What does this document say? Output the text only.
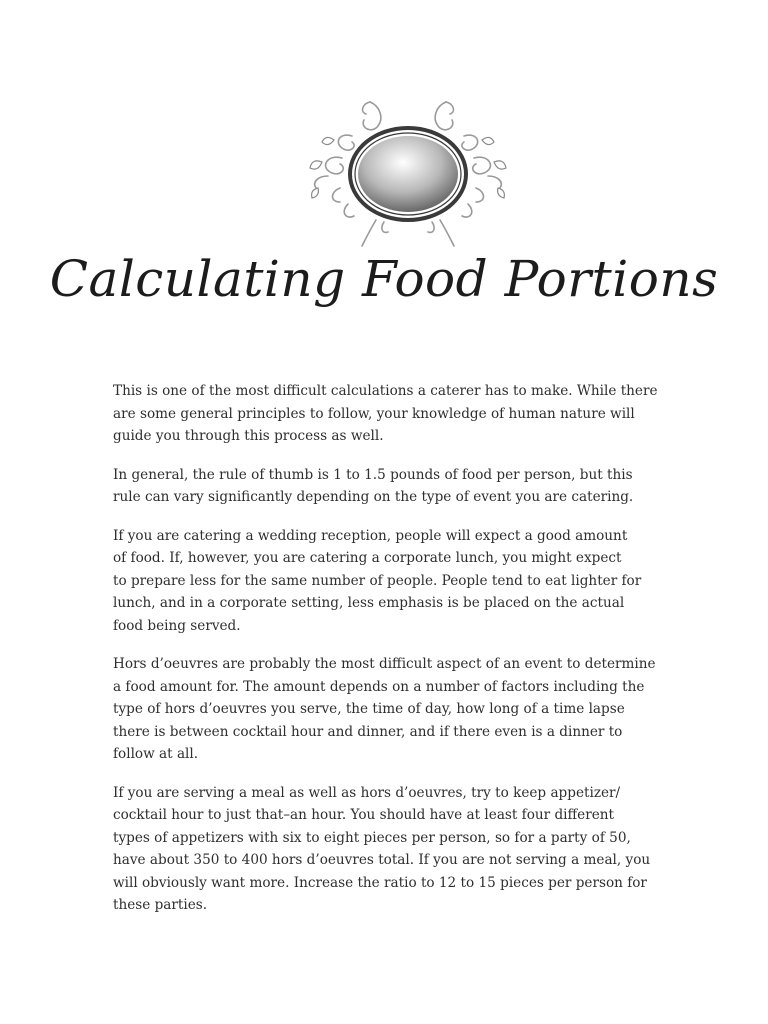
Calculating Food Portions

This is one of the most difficult calculations a caterer has to make. While there
are some general principles to follow, your knowledge of human nature will
guide you through this process as well.

In general, the rule of thumb is 1 to 1.5 pounds of food per person, but this
rule can vary significantly depending on the type of event you are catering.

If you are catering a wedding reception, people will expect a good amount
of food. If, however, you are catering a corporate lunch, you might expect
to prepare less for the same number of people. People tend to eat lighter for
lunch, and in a corporate setting, less emphasis is be placed on the actual
food being served.

Hors d’oeuvres are probably the most difficult aspect of an event to determine
a food amount for. The amount depends on a number of factors including the
type of hors d’oeuvres you serve, the time of day, how long of a time lapse
there is between cocktail hour and dinner, and if there even is a dinner to
follow at all.

If you are serving a meal as well as hors d’oeuvres, try to keep appetizer/
cocktail hour to just that–an hour. You should have at least four different
types of appetizers with six to eight pieces per person, so for a party of 50,
have about 350 to 400 hors d’oeuvres total. If you are not serving a meal, you
will obviously want more. Increase the ratio to 12 to 15 pieces per person for
these parties.
